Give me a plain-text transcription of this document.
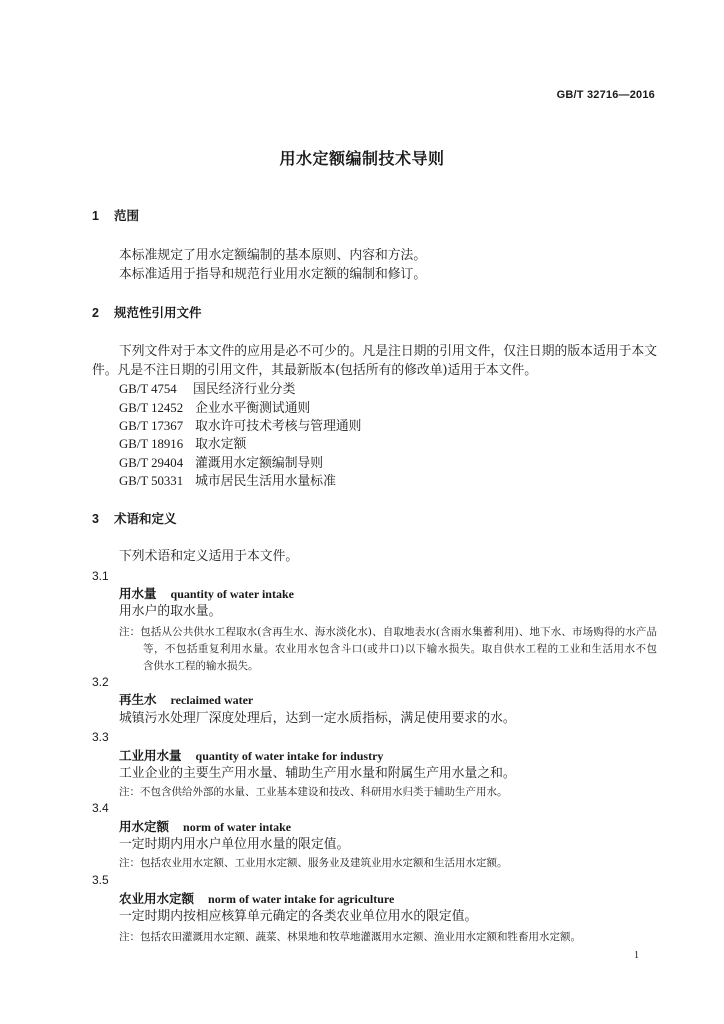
GB/T 32716—2016
用水定额编制技术导则
1 范围
本标准规定了用水定额编制的基本原则、内容和方法。
本标准适用于指导和规范行业用水定额的编制和修订。
2 规范性引用文件
下列文件对于本文件的应用是必不可少的。凡是注日期的引用文件，仅注日期的版本适用于本文
件。凡是不注日期的引用文件，其最新版本(包括所有的修改单)适用于本文件。
GB/T 4754 国民经济行业分类
GB/T 12452 企业水平衡测试通则
GB/T 17367 取水许可技术考核与管理通则
GB/T 18916 取水定额
GB/T 29404 灌溉用水定额编制导则
GB/T 50331 城市居民生活用水量标准
3 术语和定义
下列术语和定义适用于本文件。
3.1
用水量 quantity of water intake
用水户的取水量。
注：包括从公共供水工程取水(含再生水、海水淡化水)、自取地表水(含雨水集蓄利用)、地下水、市场购得的水产品
等，不包括重复利用水量。农业用水包含斗口(或井口)以下输水损失。取自供水工程的工业和生活用水不包
含供水工程的输水损失。
3.2
再生水 reclaimed water
城镇污水处理厂深度处理后，达到一定水质指标，满足使用要求的水。
3.3
工业用水量 quantity of water intake for industry
工业企业的主要生产用水量、辅助生产用水量和附属生产用水量之和。
注：不包含供给外部的水量、工业基本建设和技改、科研用水归类于辅助生产用水。
3.4
用水定额 norm of water intake
一定时期内用水户单位用水量的限定值。
注：包括农业用水定额、工业用水定额、服务业及建筑业用水定额和生活用水定额。
3.5
农业用水定额 norm of water intake for agriculture
一定时期内按相应核算单元确定的各类农业单位用水的限定值。
注：包括农田灌溉用水定额、蔬菜、林果地和牧草地灌溉用水定额、渔业用水定额和牲畜用水定额。
1
